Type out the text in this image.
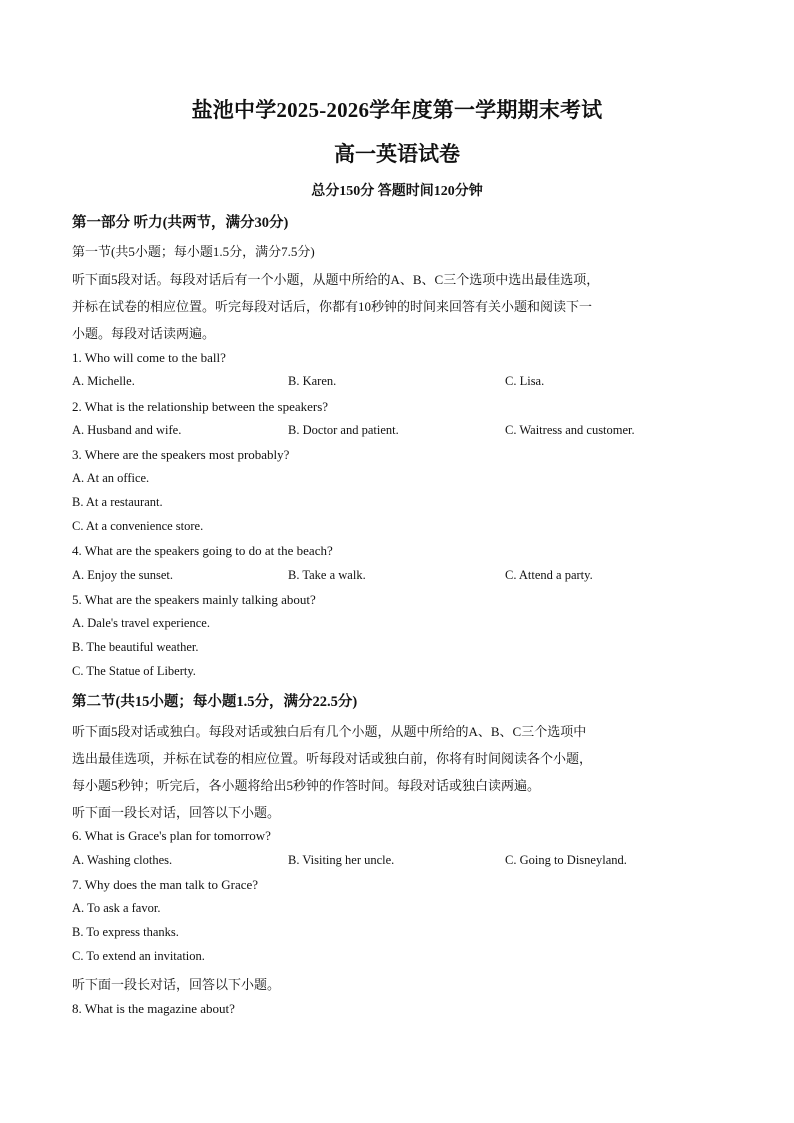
盐池中学2025-2026学年度第一学期期末考试
高一英语试卷
总分150分 答题时间120分钟
第一部分 听力(共两节，满分30分)
第一节(共5小题；每小题1.5分，满分7.5分)
听下面5段对话。每段对话后有一个小题，从题中所给的A、B、C三个选项中选出最佳选项，
并标在试卷的相应位置。听完每段对话后，你都有10秒钟的时间来回答有关小题和阅读下一
小题。每段对话读两遍。
1. Who will come to the ball?
A. Michelle.	B. Karen.	C. Lisa.
2. What is the relationship between the speakers?
A. Husband and wife.	B. Doctor and patient.	C. Waitress and customer.
3. Where are the speakers most probably?
A. At an office.
B. At a restaurant.
C. At a convenience store.
4. What are the speakers going to do at the beach?
A. Enjoy the sunset.	B. Take a walk.	C. Attend a party.
5. What are the speakers mainly talking about?
A. Dale's travel experience.
B. The beautiful weather.
C. The Statue of Liberty.
第二节(共15小题；每小题1.5分，满分22.5分)
听下面5段对话或独白。每段对话或独白后有几个小题，从题中所给的A、B、C三个选项中
选出最佳选项，并标在试卷的相应位置。听每段对话或独白前，你将有时间阅读各个小题，
每小题5秒钟；听完后，各小题将给出5秒钟的作答时间。每段对话或独白读两遍。
听下面一段长对话，回答以下小题。
6. What is Grace's plan for tomorrow?
A. Washing clothes.	B. Visiting her uncle.	C. Going to Disneyland.
7. Why does the man talk to Grace?
A. To ask a favor.
B. To express thanks.
C. To extend an invitation.
听下面一段长对话，回答以下小题。
8. What is the magazine about?
